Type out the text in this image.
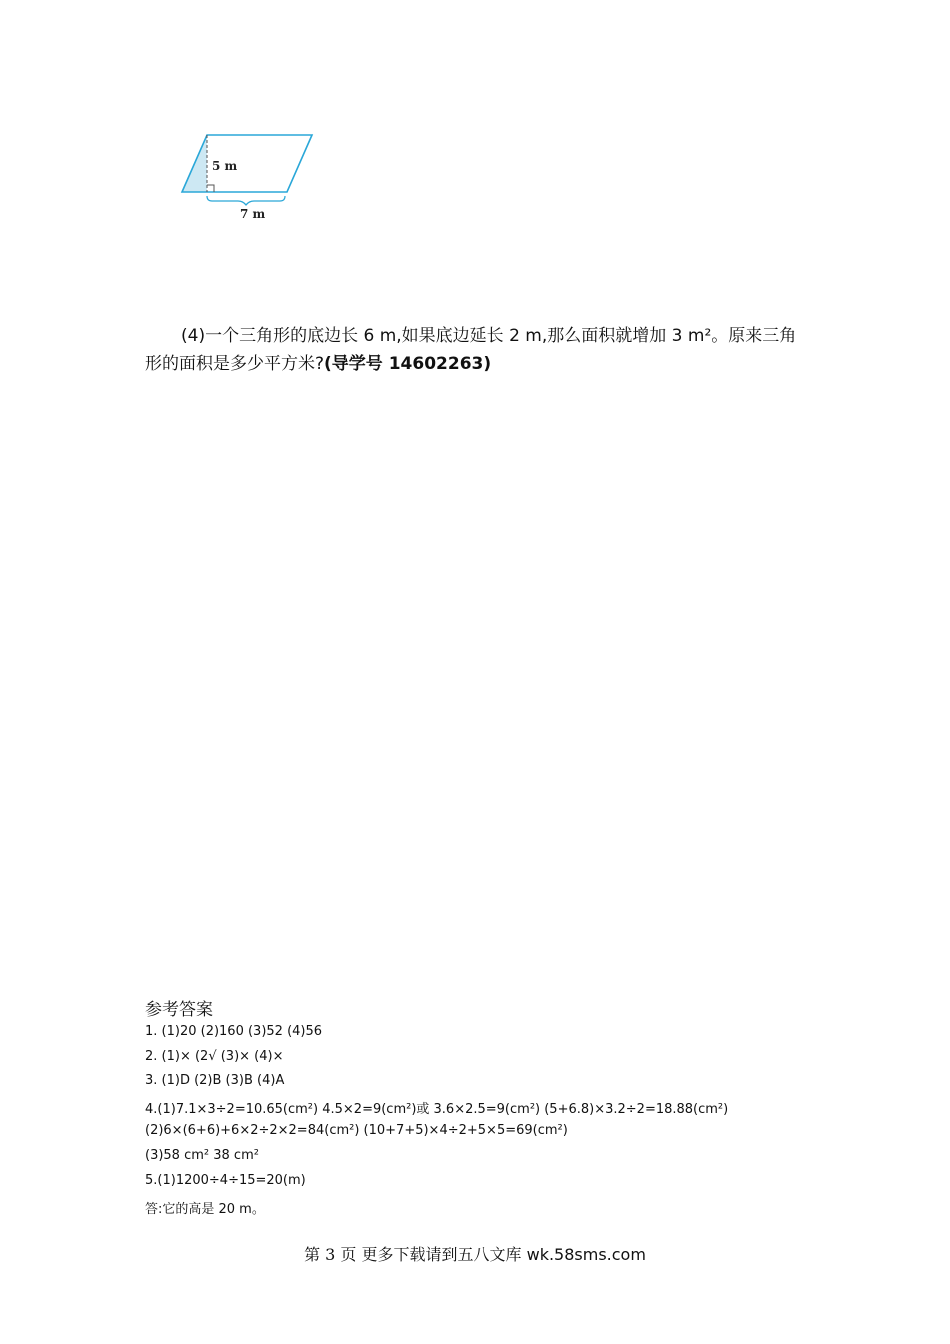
5 m
7 m

(4)一个三角形的底边长 6 m,如果底边延长 2 m,那么面积就增加 3 m²。原来三角形的面积是多少平方米?(导学号 14602263)

参考答案
1. (1)20 (2)160 (3)52 (4)56
2. (1)× (2√ (3)× (4)×
3. (1)D (2)B (3)B (4)A
4.(1)7.1×3÷2=10.65(cm²) 4.5×2=9(cm²)或 3.6×2.5=9(cm²) (5+6.8)×3.2÷2=18.88(cm²)
(2)6×(6+6)+6×2÷2×2=84(cm²) (10+7+5)×4÷2+5×5=69(cm²)
(3)58 cm² 38 cm²
5.(1)1200÷4÷15=20(m)
答:它的高是 20 m。
第 3 页 更多下载请到五八文库 wk.58sms.com
